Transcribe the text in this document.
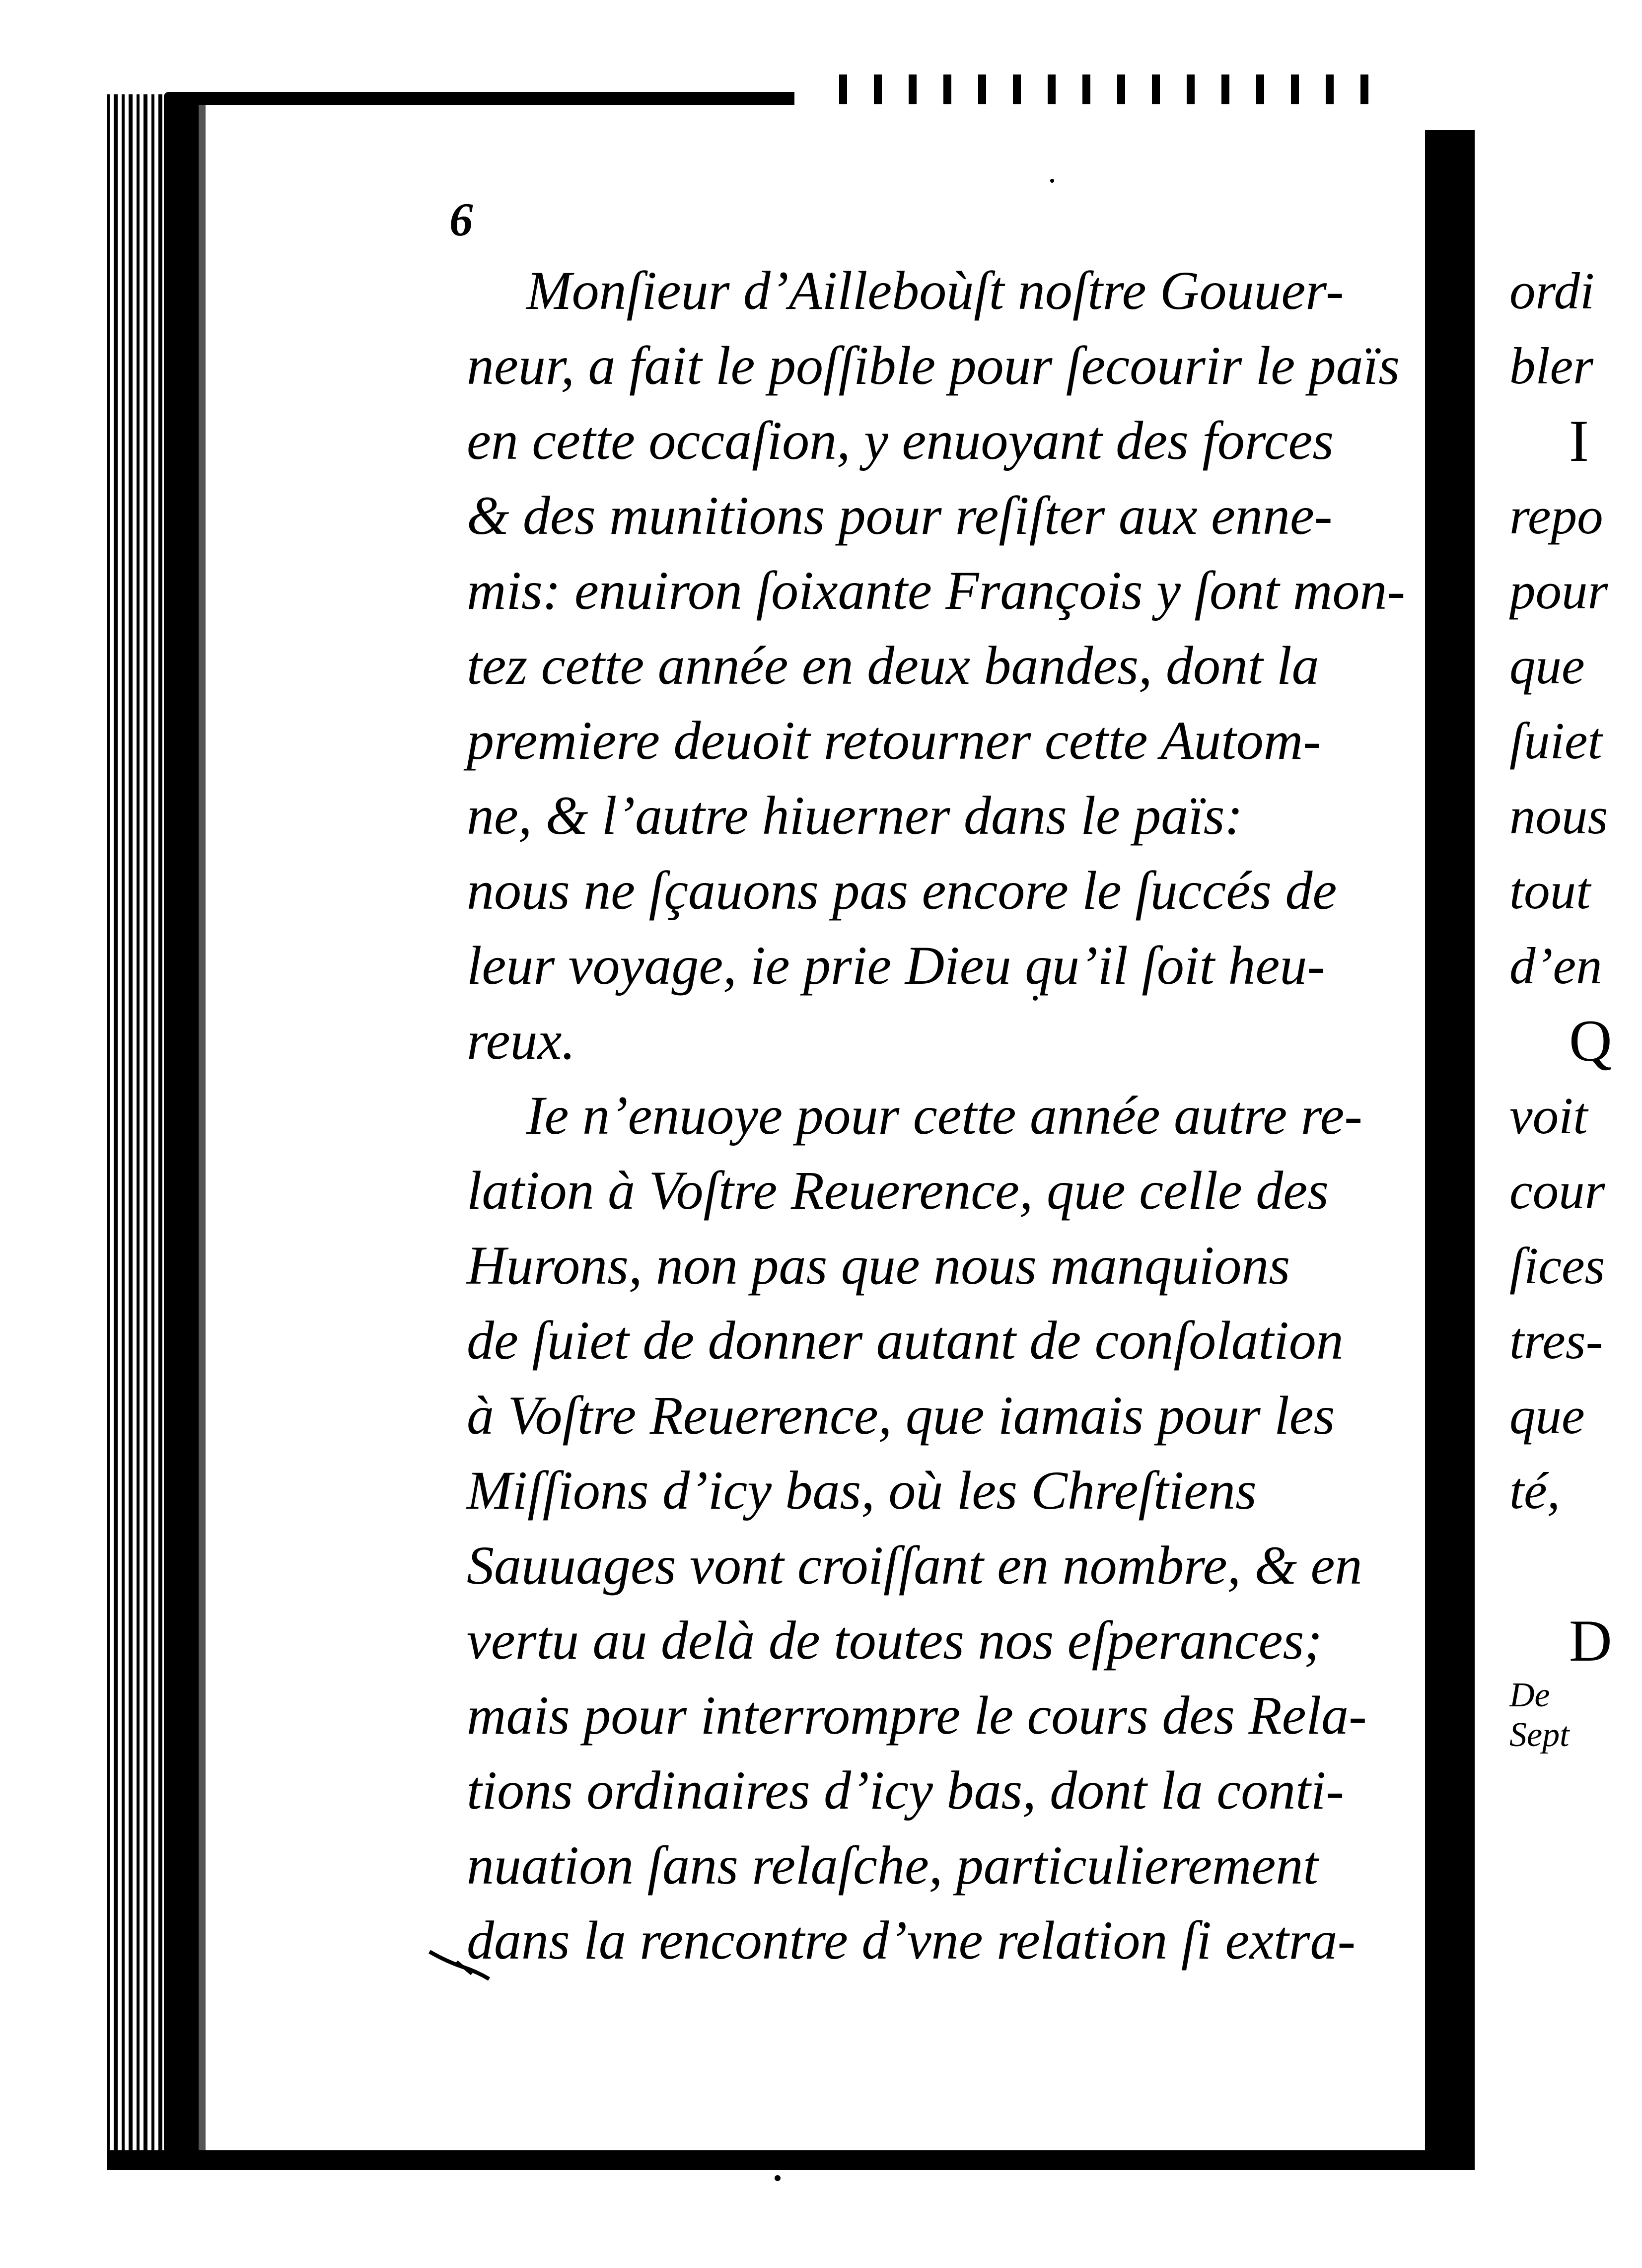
6
Monſieur d’Ailleboùſt noſtre Gouuer-
neur, a fait le poſſible pour ſecourir le païs
en cette occaſion, y enuoyant des forces
& des munitions pour reſiſter aux enne-
mis: enuiron ſoixante François y ſont mon-
tez cette année en deux bandes, dont la
premiere deuoit retourner cette Autom-
ne, & l’autre hiuerner dans le païs:
nous ne ſçauons pas encore le ſuccés de
leur voyage, ie prie Dieu qu’il ſoit heu-
reux.
Ie n’enuoye pour cette année autre re-
lation à Voſtre Reuerence, que celle des
Hurons, non pas que nous manquions
de ſuiet de donner autant de conſolation
à Voſtre Reuerence, que iamais pour les
Miſſions d’icy bas, où les Chreſtiens
Sauuages vont croiſſant en nombre, & en
vertu au delà de toutes nos eſperances;
mais pour interrompre le cours des Rela-
tions ordinaires d’icy bas, dont la conti-
nuation ſans relaſche, particulierement
dans la rencontre d’vne relation ſi extra-
ordi
bler
I
repo
pour
que
ſuiet
nous
tout
d’en
Q
voit
cour
ſices
tres-
que
té,
D
De
Sept
